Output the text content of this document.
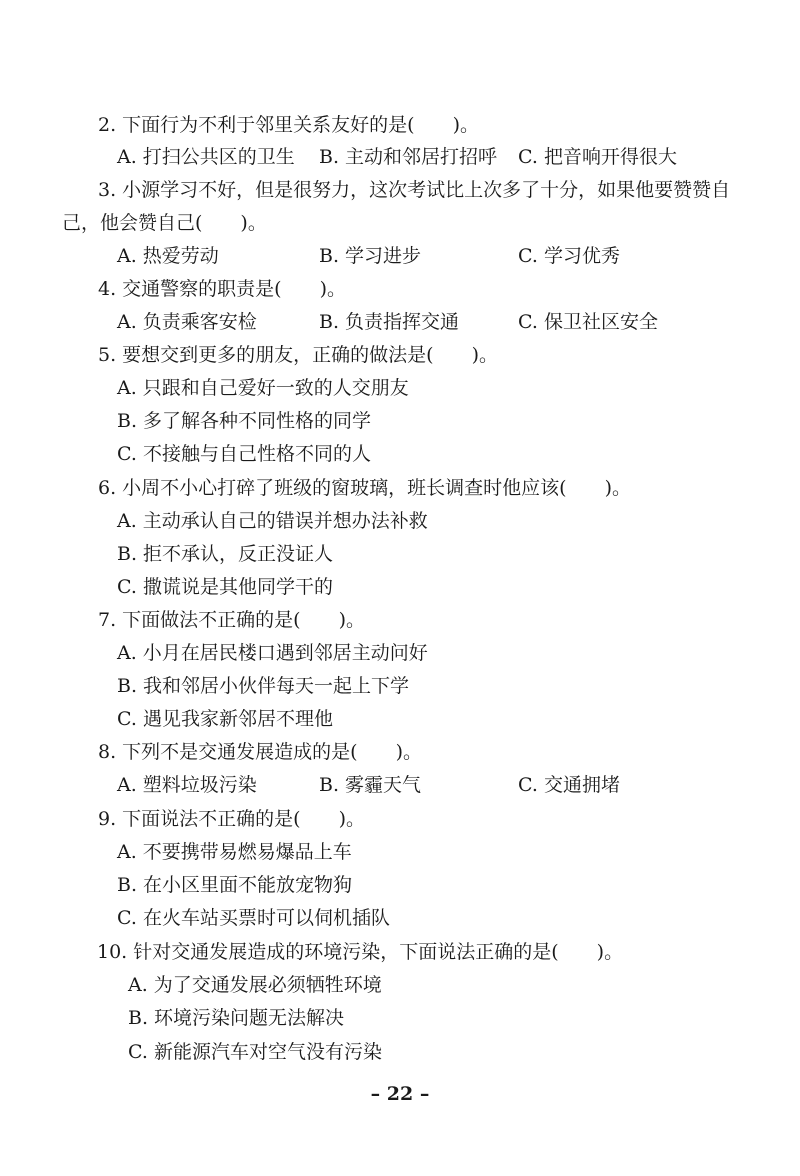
2. 下面行为不利于邻里关系友好的是(　　)。
A. 打扫公共区的卫生 B. 主动和邻居打招呼 C. 把音响开得很大
3. 小源学习不好，但是很努力，这次考试比上次多了十分，如果他要赞赞自
己，他会赞自己(　　)。
A. 热爱劳动	B. 学习进步	C. 学习优秀
4. 交通警察的职责是(　　)。
A. 负责乘客安检	B. 负责指挥交通	C. 保卫社区安全
5. 要想交到更多的朋友，正确的做法是(　　)。
A. 只跟和自己爱好一致的人交朋友
B. 多了解各种不同性格的同学
C. 不接触与自己性格不同的人
6. 小周不小心打碎了班级的窗玻璃，班长调查时他应该(　　)。
A. 主动承认自己的错误并想办法补救
B. 拒不承认，反正没证人
C. 撒谎说是其他同学干的
7. 下面做法不正确的是(　　)。
A. 小月在居民楼口遇到邻居主动问好
B. 我和邻居小伙伴每天一起上下学
C. 遇见我家新邻居不理他
8. 下列不是交通发展造成的是(　　)。
A. 塑料垃圾污染	B. 雾霾天气	C. 交通拥堵
9. 下面说法不正确的是(　　)。
A. 不要携带易燃易爆品上车
B. 在小区里面不能放宠物狗
C. 在火车站买票时可以伺机插队
10. 针对交通发展造成的环境污染，下面说法正确的是(　　)。
A. 为了交通发展必须牺牲环境
B. 环境污染问题无法解决
C. 新能源汽车对空气没有污染
– 22 –
